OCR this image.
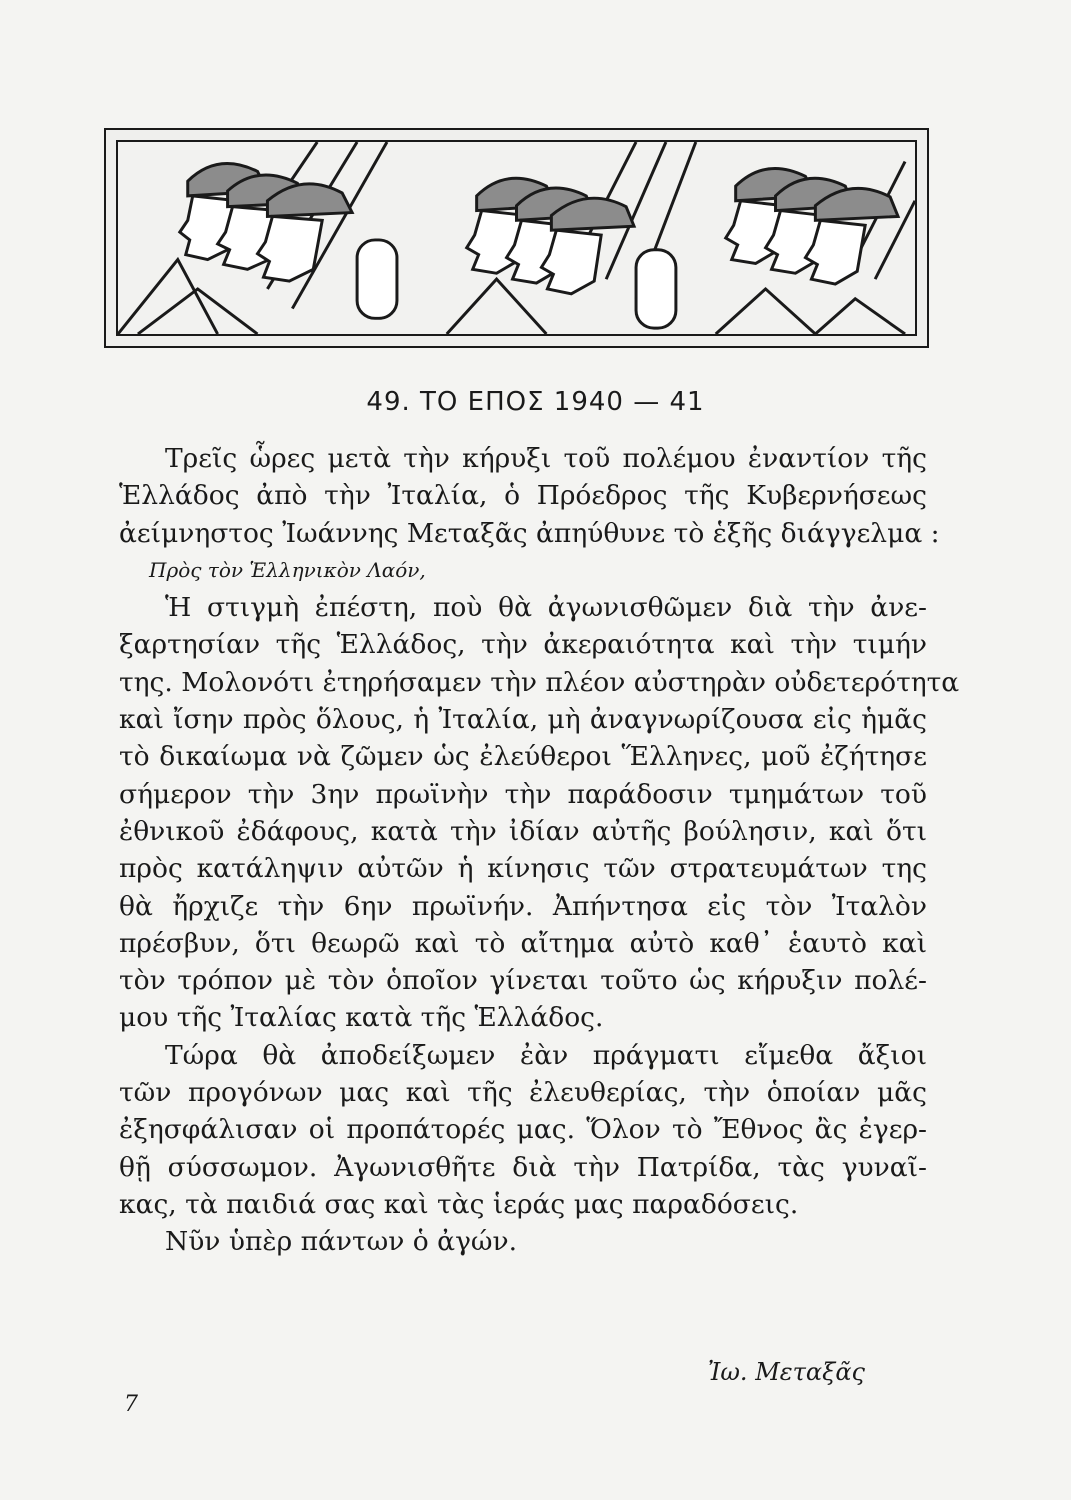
49. ΤΟ ΕΠΟΣ 1940 — 41
Τρεῖς ὧρες μετὰ τὴν κήρυξι τοῦ πολέμου ἐναντίον τῆς
Ἑλλάδος ἀπὸ τὴν Ἰταλία, ὁ Πρόεδρος τῆς Κυβερνήσεως
ἀείμνηστος Ἰωάννης Μεταξᾶς ἀπηύθυνε τὸ ἑξῆς διάγγελμα :
Πρὸς τὸν Ἑλληνικὸν Λαόν,
Ἡ στιγμὴ ἐπέστη, ποὺ θὰ ἀγωνισθῶμεν διὰ τὴν ἀνε-
ξαρτησίαν τῆς Ἑλλάδος, τὴν ἀκεραιότητα καὶ τὴν τιμήν
της. Μολονότι ἐτηρήσαμεν τὴν πλέον αὐστηρὰν οὐδετερότητα
καὶ ἴσην πρὸς ὅλους, ἡ Ἰταλία, μὴ ἀναγνωρίζουσα εἰς ἡμᾶς
τὸ δικαίωμα νὰ ζῶμεν ὡς ἐλεύθεροι Ἕλληνες, μοῦ ἐζήτησε
σήμερον τὴν 3ην πρωϊνὴν τὴν παράδοσιν τμημάτων τοῦ
ἐθνικοῦ ἐδάφους, κατὰ τὴν ἰδίαν αὐτῆς βούλησιν, καὶ ὅτι
πρὸς κατάληψιν αὐτῶν ἡ κίνησις τῶν στρατευμάτων της
θὰ ἤρχιζε τὴν 6ην πρωϊνήν. Ἀπήντησα εἰς τὸν Ἰταλὸν
πρέσβυν, ὅτι θεωρῶ καὶ τὸ αἴτημα αὐτὸ καθ᾽ ἑαυτὸ καὶ
τὸν τρόπον μὲ τὸν ὁποῖον γίνεται τοῦτο ὡς κήρυξιν πολέ-
μου τῆς Ἰταλίας κατὰ τῆς Ἑλλάδος.
Τώρα θὰ ἀποδείξωμεν ἐὰν πράγματι εἴμεθα ἄξιοι
τῶν προγόνων μας καὶ τῆς ἐλευθερίας, τὴν ὁποίαν μᾶς
ἐξησφάλισαν οἱ προπάτορές μας. Ὅλον τὸ Ἔθνος ἂς ἐγερ-
θῇ σύσσωμον. Ἀγωνισθῆτε διὰ τὴν Πατρίδα, τὰς γυναῖ-
κας, τὰ παιδιά σας καὶ τὰς ἱεράς μας παραδόσεις.
Νῦν ὑπὲρ πάντων ὁ ἀγών.
Ἰω. Μεταξᾶς
7
